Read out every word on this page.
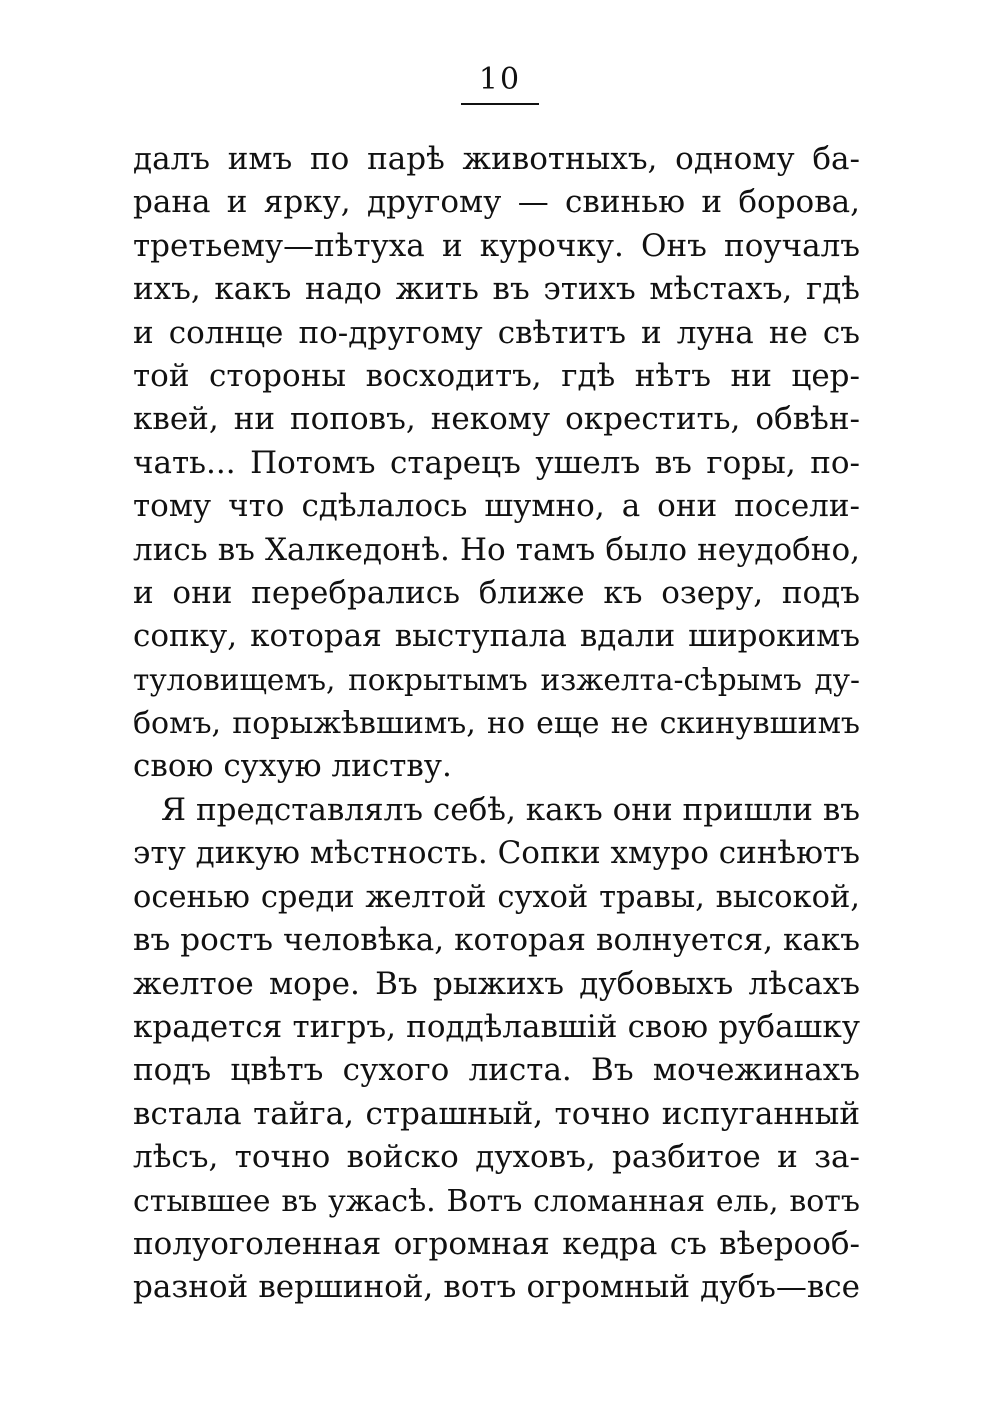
10
далъ имъ по парѣ животныхъ, одному ба-
рана и ярку, другому — свинью и борова,
третьему—пѣтуха и курочку. Онъ поучалъ
ихъ, какъ надо жить въ этихъ мѣстахъ, гдѣ
и солнце по-другому свѣтитъ и луна не съ
той стороны восходитъ, гдѣ нѣтъ ни цер-
квей, ни поповъ, некому окрестить, обвѣн-
чать... Потомъ старецъ ушелъ въ горы, по-
тому что сдѣлалось шумно, а они посели-
лись въ Халкедонѣ. Но тамъ было неудобно,
и они перебрались ближе къ озеру, подъ
сопку, которая выступала вдали широкимъ
туловищемъ, покрытымъ изжелта-сѣрымъ ду-
бомъ, порыжѣвшимъ, но еще не скинувшимъ
свою сухую листву.
Я представлялъ себѣ, какъ они пришли въ
эту дикую мѣстность. Сопки хмуро синѣютъ
осенью среди желтой сухой травы, высокой,
въ ростъ человѣка, которая волнуется, какъ
желтое море. Въ рыжихъ дубовыхъ лѣсахъ
крадется тигръ, поддѣлавшій свою рубашку
подъ цвѣтъ сухого листа. Въ мочежинахъ
встала тайга, страшный, точно испуганный
лѣсъ, точно войско духовъ, разбитое и за-
стывшее въ ужасѣ. Вотъ сломанная ель, вотъ
полуоголенная огромная кедра съ вѣерооб-
разной вершиной, вотъ огромный дубъ—все
